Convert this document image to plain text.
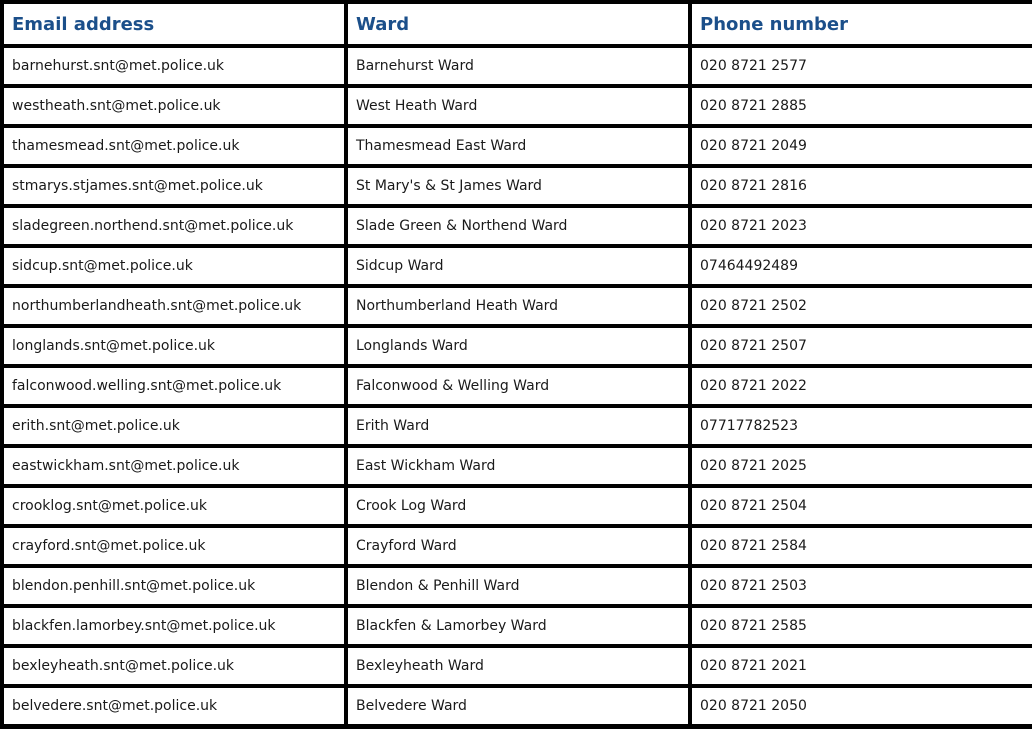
Email address	Ward	Phone number
barnehurst.snt@met.police.uk	Barnehurst Ward	020 8721 2577
westheath.snt@met.police.uk	West Heath Ward	020 8721 2885
thamesmead.snt@met.police.uk	Thamesmead East Ward	020 8721 2049
stmarys.stjames.snt@met.police.uk	St Mary's & St James Ward	020 8721 2816
sladegreen.northend.snt@met.police.uk	Slade Green & Northend Ward	020 8721 2023
sidcup.snt@met.police.uk	Sidcup Ward	07464492489
northumberlandheath.snt@met.police.uk	Northumberland Heath Ward	020 8721 2502
longlands.snt@met.police.uk	Longlands Ward	020 8721 2507
falconwood.welling.snt@met.police.uk	Falconwood & Welling Ward	020 8721 2022
erith.snt@met.police.uk	Erith Ward	07717782523
eastwickham.snt@met.police.uk	East Wickham Ward	020 8721 2025
crooklog.snt@met.police.uk	Crook Log Ward	020 8721 2504
crayford.snt@met.police.uk	Crayford Ward	020 8721 2584
blendon.penhill.snt@met.police.uk	Blendon & Penhill Ward	020 8721 2503
blackfen.lamorbey.snt@met.police.uk	Blackfen & Lamorbey Ward	020 8721 2585
bexleyheath.snt@met.police.uk	Bexleyheath Ward	020 8721 2021
belvedere.snt@met.police.uk	Belvedere Ward	020 8721 2050
